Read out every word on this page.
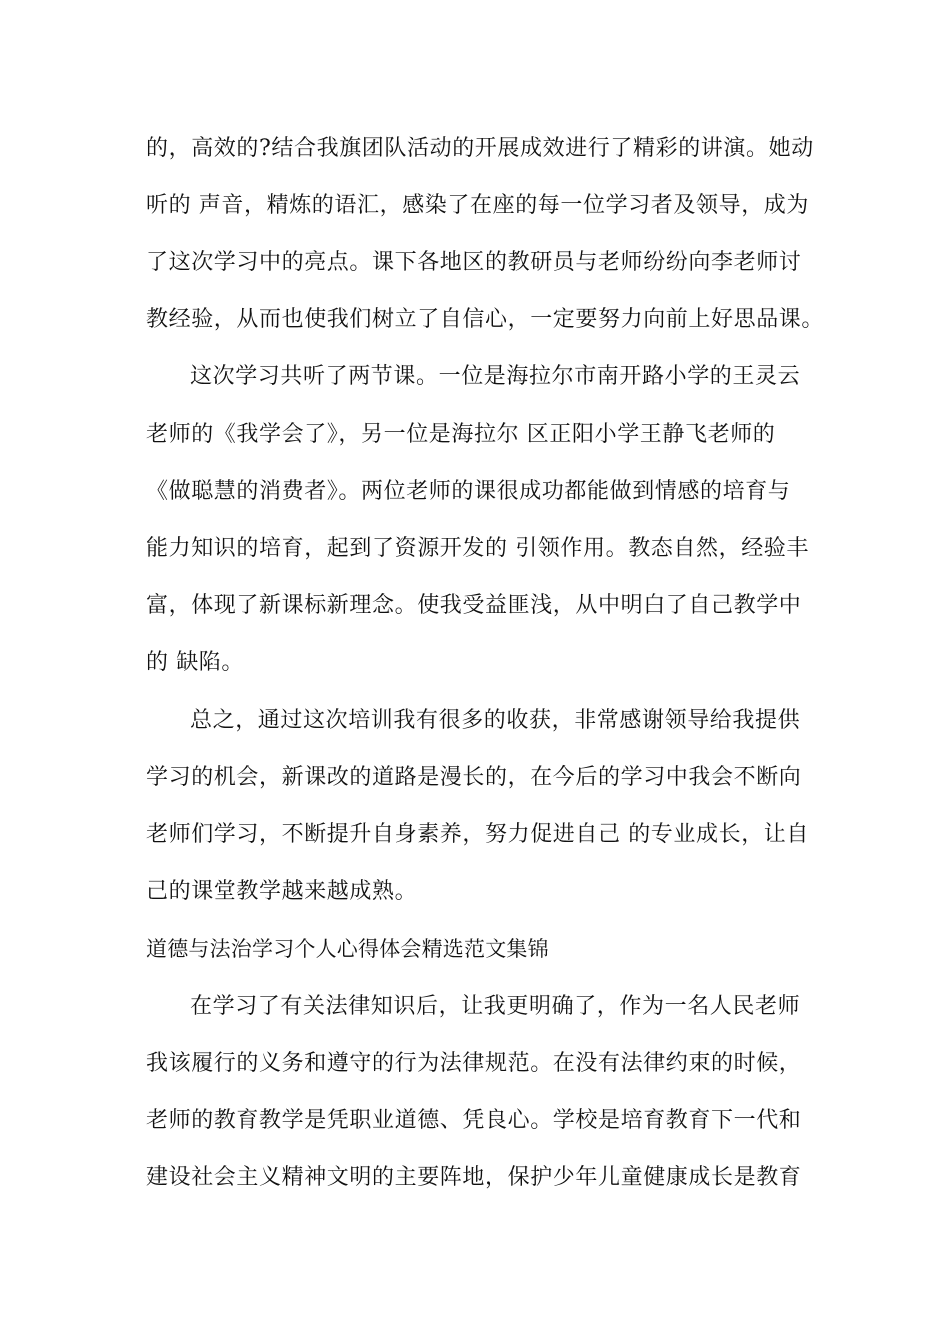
的，高效的?结合我旗团队活动的开展成效进行了精彩的讲演。她动
听的 声音，精炼的语汇，感染了在座的每一位学习者及领导，成为
了这次学习中的亮点。课下各地区的教研员与老师纷纷向李老师讨
教经验，从而也使我们树立了自信心，一定要努力向前上好思品课。
这次学习共听了两节课。一位是海拉尔市南开路小学的王灵云
老师的《我学会了》，另一位是海拉尔 区正阳小学王静飞老师的
《做聪慧的消费者》。两位老师的课很成功都能做到情感的培育与
能力知识的培育，起到了资源开发的 引领作用。教态自然，经验丰
富，体现了新课标新理念。使我受益匪浅，从中明白了自己教学中
的 缺陷。
总之，通过这次培训我有很多的收获，非常感谢领导给我提供
学习的机会，新课改的道路是漫长的，在今后的学习中我会不断向
老师们学习，不断提升自身素养，努力促进自己 的专业成长，让自
己的课堂教学越来越成熟。
道德与法治学习个人心得体会精选范文集锦
在学习了有关法律知识后，让我更明确了，作为一名人民老师
我该履行的义务和遵守的行为法律规范。在没有法律约束的时候，
老师的教育教学是凭职业道德、凭良心。学校是培育教育下一代和
建设社会主义精神文明的主要阵地，保护少年儿童健康成长是教育
